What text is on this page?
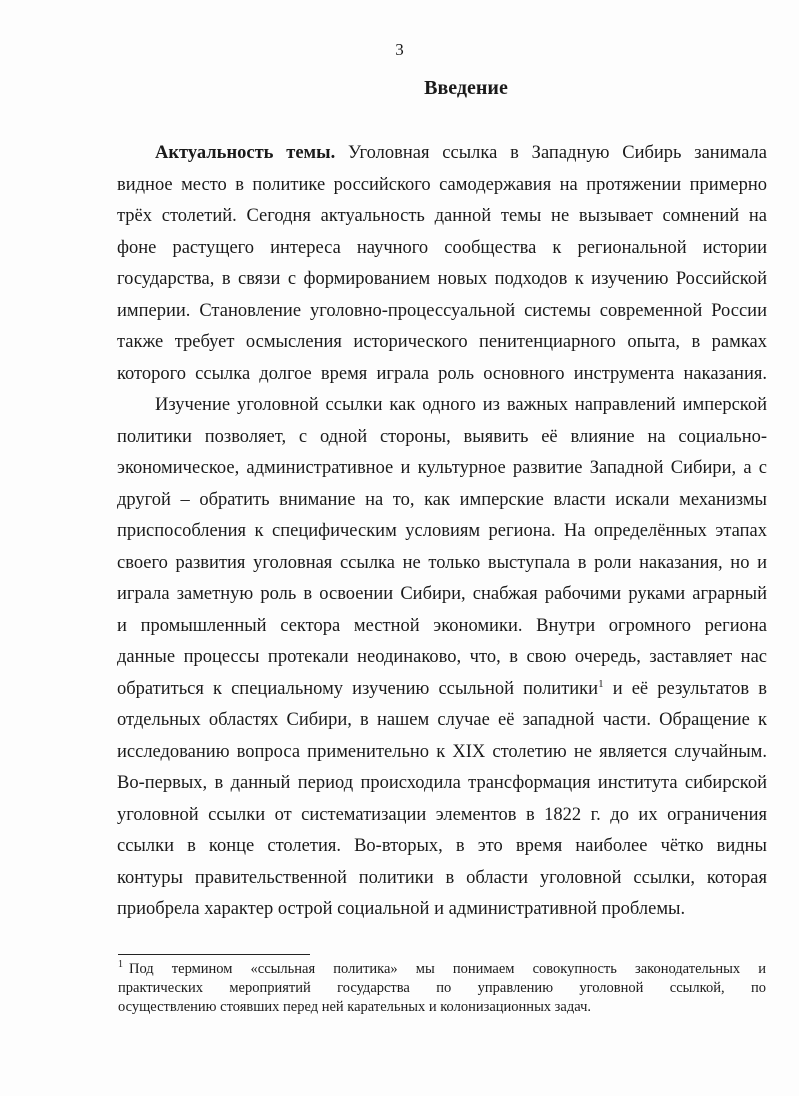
3
Введение
Актуальность темы. Уголовная ссылка в Западную Сибирь занимала
видное место в политике российского самодержавия на протяжении примерно
трёх столетий. Сегодня актуальность данной темы не вызывает сомнений на
фоне растущего интереса научного сообщества к региональной истории
государства, в связи с формированием новых подходов к изучению Российской
империи. Становление уголовно-процессуальной системы современной России
также требует осмысления исторического пенитенциарного опыта, в рамках
которого ссылка долгое время играла роль основного инструмента наказания.
Изучение уголовной ссылки как одного из важных направлений имперской
политики позволяет, с одной стороны, выявить её влияние на социально-
экономическое, административное и культурное развитие Западной Сибири, а с
другой – обратить внимание на то, как имперские власти искали механизмы
приспособления к специфическим условиям региона. На определённых этапах
своего развития уголовная ссылка не только выступала в роли наказания, но и
играла заметную роль в освоении Сибири, снабжая рабочими руками аграрный
и промышленный сектора местной экономики. Внутри огромного региона
данные процессы протекали неодинаково, что, в свою очередь, заставляет нас
обратиться к специальному изучению ссыльной политики$^1$ и её результатов в
отдельных областях Сибири, в нашем случае её западной части. Обращение к
исследованию вопроса применительно к XIX столетию не является случайным.
Во-первых, в данный период происходила трансформация института сибирской
уголовной ссылки от систематизации элементов в 1822 г. до их ограничения
ссылки в конце столетия. Во-вторых, в это время наиболее чётко видны
контуры правительственной политики в области уголовной ссылки, которая
приобрела характер острой социальной и административной проблемы.
$^1$ Под термином «ссыльная политика» мы понимаем совокупность законодательных и
практических мероприятий государства по управлению уголовной ссылкой, по
осуществлению стоявших перед ней карательных и колонизационных задач.
